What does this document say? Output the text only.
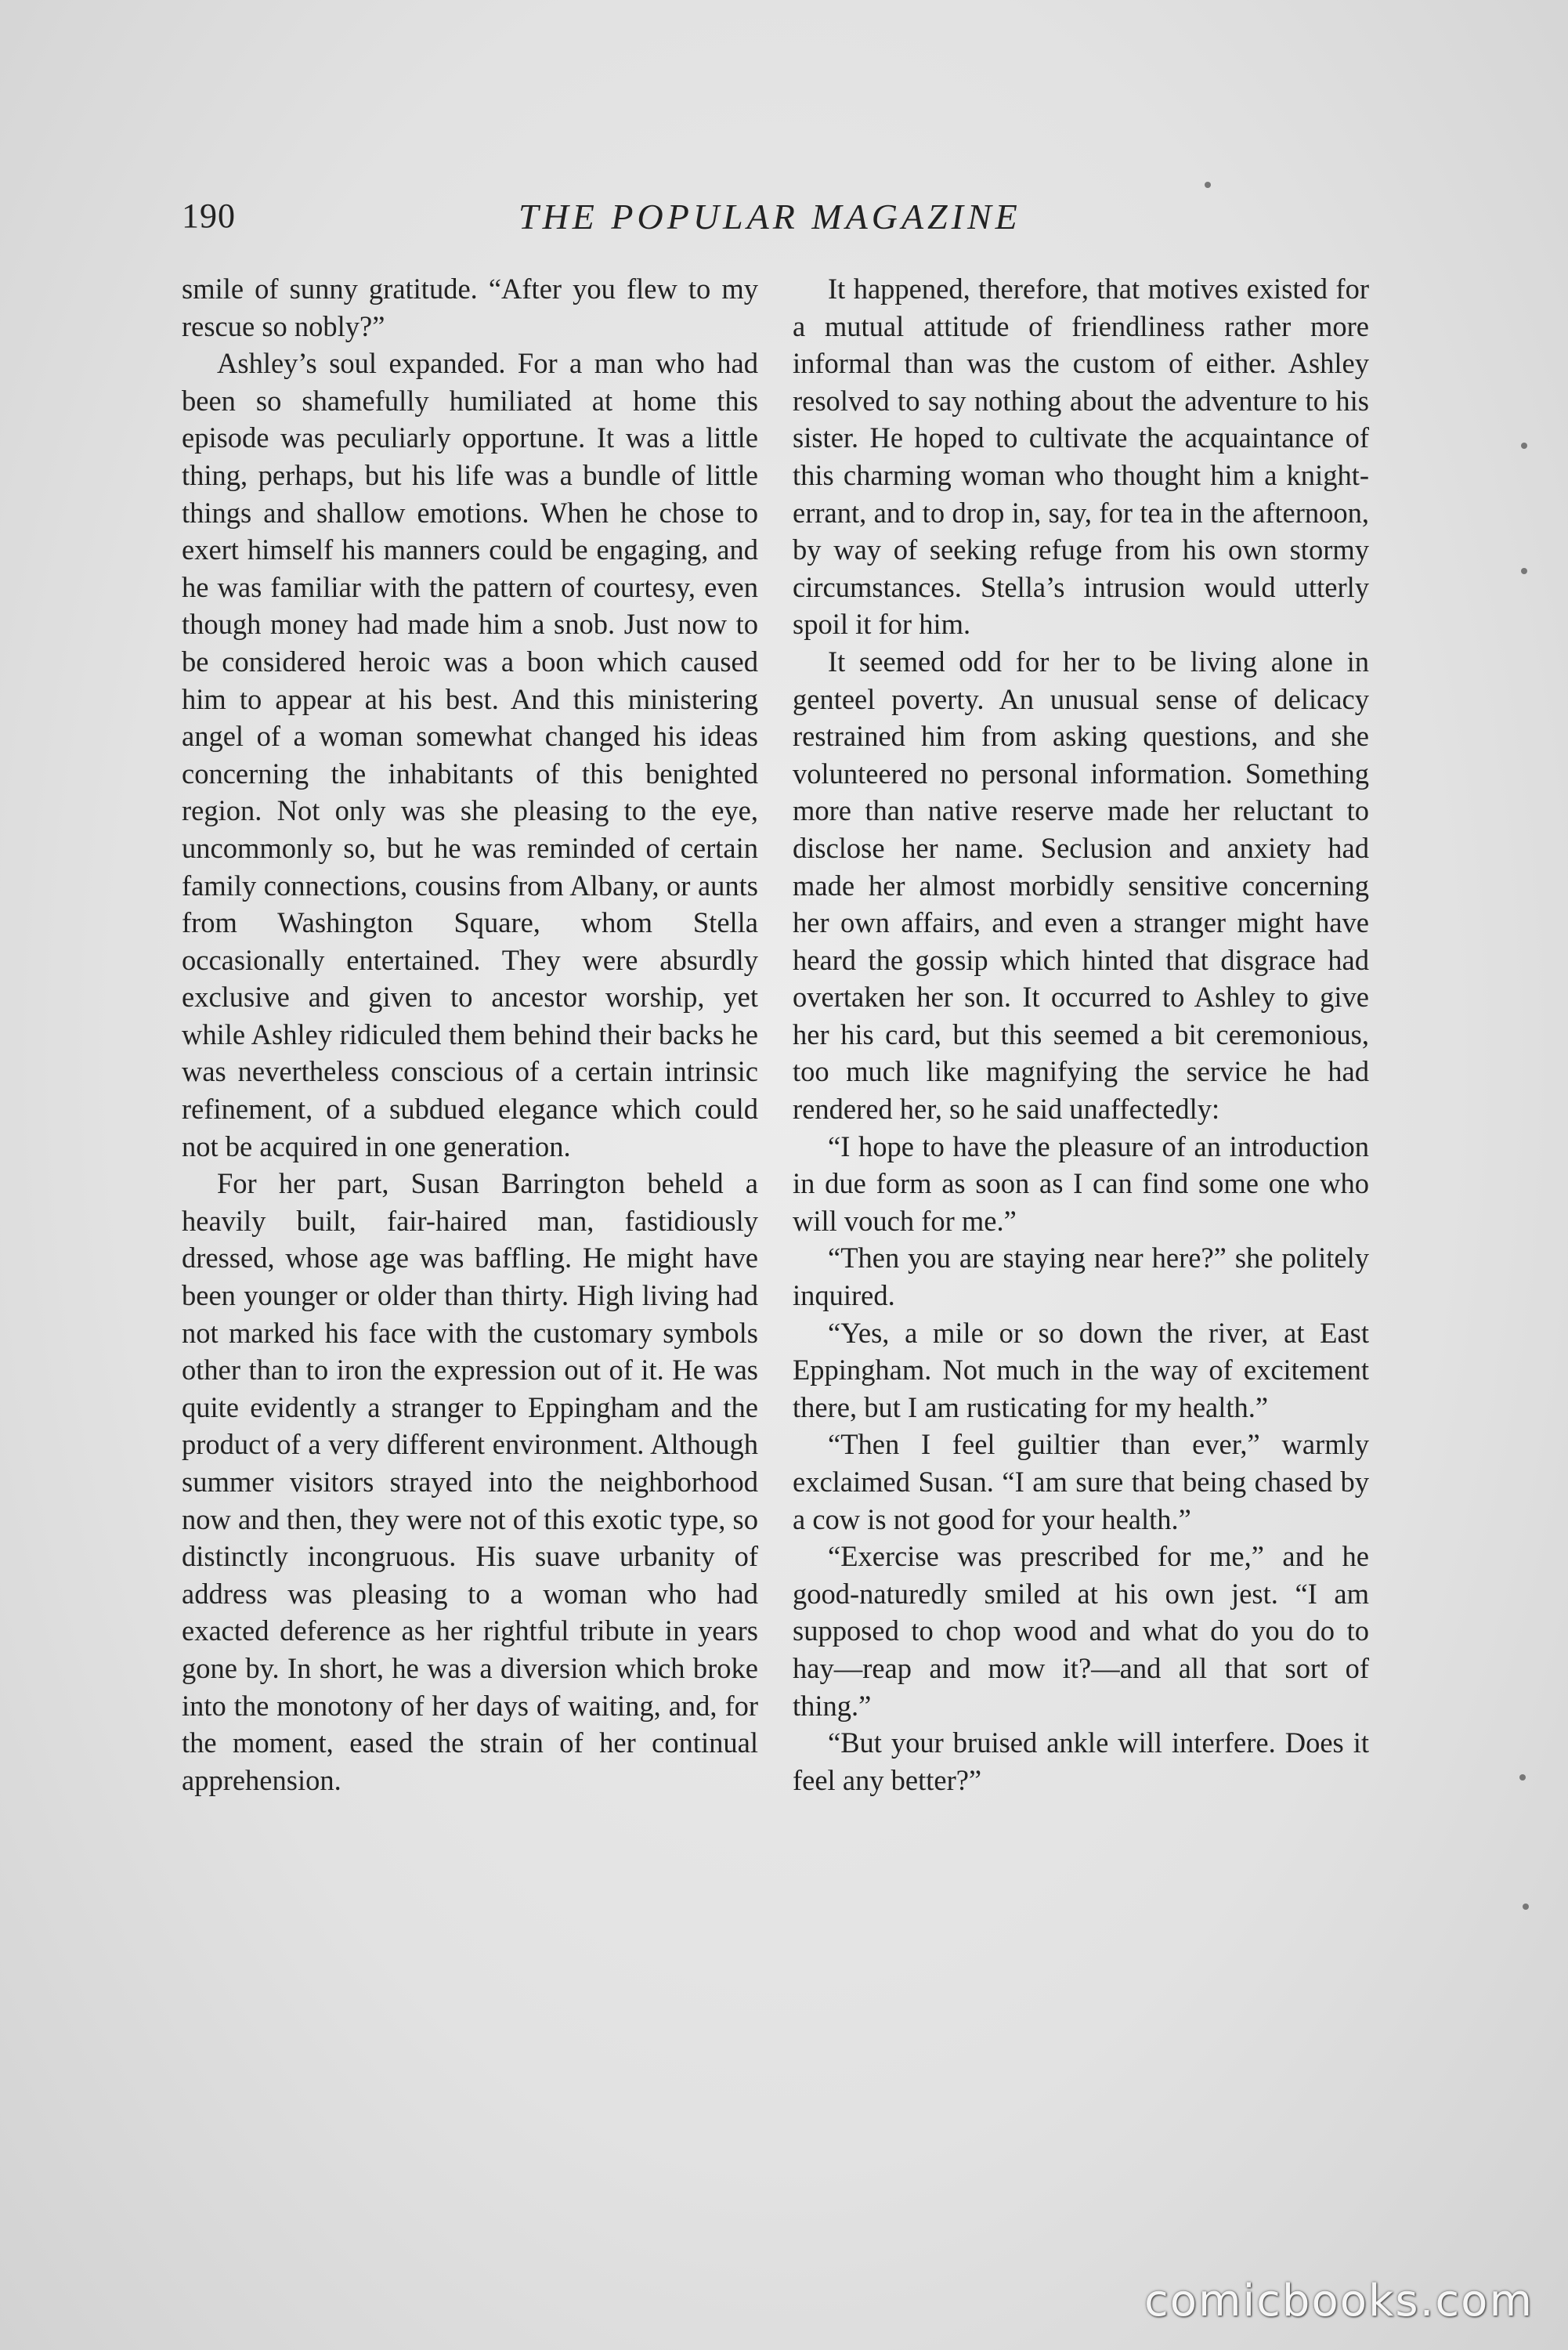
190	THE POPULAR MAGAZINE

smile of sunny gratitude. “After you flew to my rescue so nobly?”

Ashley’s soul expanded. For a man who had been so shamefully humiliated at home this episode was peculiarly opportune. It was a little thing, perhaps, but his life was a bundle of little things and shallow emotions. When he chose to exert himself his manners could be engaging, and he was familiar with the pattern of courtesy, even though money had made him a snob. Just now to be considered heroic was a boon which caused him to appear at his best. And this ministering angel of a woman somewhat changed his ideas concerning the inhabitants of this benighted region. Not only was she pleasing to the eye, uncommonly so, but he was reminded of certain family connections, cousins from Albany, or aunts from Washington Square, whom Stella occasionally entertained. They were absurdly exclusive and given to ancestor worship, yet while Ashley ridiculed them behind their backs he was nevertheless conscious of a certain intrinsic refinement, of a subdued elegance which could not be acquired in one generation.

For her part, Susan Barrington beheld a heavily built, fair-haired man, fastidiously dressed, whose age was baffling. He might have been younger or older than thirty. High living had not marked his face with the customary symbols other than to iron the expression out of it. He was quite evidently a stranger to Eppingham and the product of a very different environment. Although summer visitors strayed into the neighborhood now and then, they were not of this exotic type, so distinctly incongruous. His suave urbanity of address was pleasing to a woman who had exacted deference as her rightful tribute in years gone by. In short, he was a diversion which broke into the monotony of her days of waiting, and, for the moment, eased the strain of her continual apprehension.

It happened, therefore, that motives existed for a mutual attitude of friendliness rather more informal than was the custom of either. Ashley resolved to say nothing about the adventure to his sister. He hoped to cultivate the acquaintance of this charming woman who thought him a knight-errant, and to drop in, say, for tea in the afternoon, by way of seeking refuge from his own stormy circumstances. Stella’s intrusion would utterly spoil it for him.

It seemed odd for her to be living alone in genteel poverty. An unusual sense of delicacy restrained him from asking questions, and she volunteered no personal information. Something more than native reserve made her reluctant to disclose her name. Seclusion and anxiety had made her almost morbidly sensitive concerning her own affairs, and even a stranger might have heard the gossip which hinted that disgrace had overtaken her son. It occurred to Ashley to give her his card, but this seemed a bit ceremonious, too much like magnifying the service he had rendered her, so he said unaffectedly:

“I hope to have the pleasure of an introduction in due form as soon as I can find some one who will vouch for me.”

“Then you are staying near here?” she politely inquired.

“Yes, a mile or so down the river, at East Eppingham. Not much in the way of excitement there, but I am rusticating for my health.”

“Then I feel guiltier than ever,” warmly exclaimed Susan. “I am sure that being chased by a cow is not good for your health.”

“Exercise was prescribed for me,” and he good-naturedly smiled at his own jest. “I am supposed to chop wood and what do you do to hay—reap and mow it?—and all that sort of thing.”

“But your bruised ankle will interfere. Does it feel any better?”

comicbooks.com
